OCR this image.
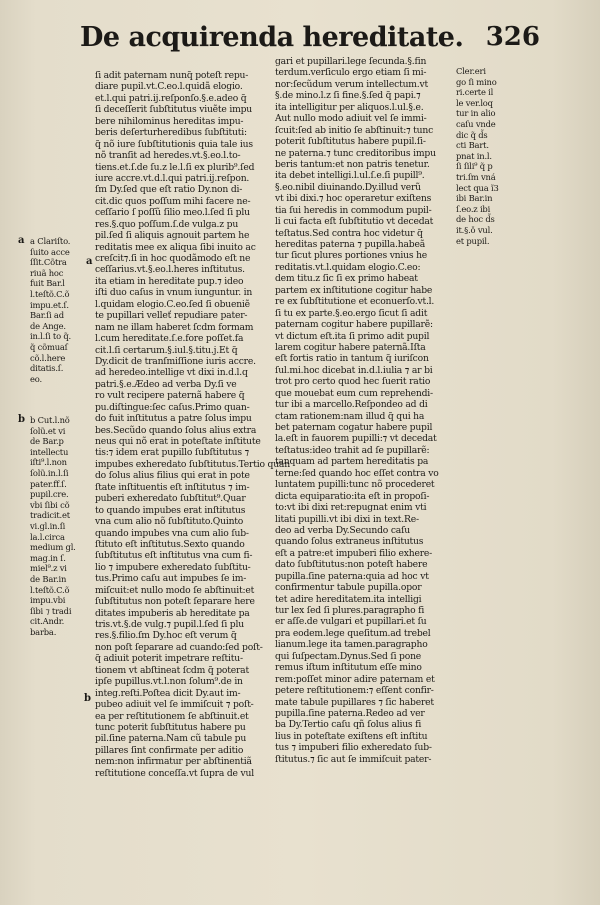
De acquirenda hereditate. 326
a Clariſto.
ſuito acce
ſſit.Cõtra
riuã hoc
fuit Bar.l
l.teſtõ.C.õ
impu.et.ſ.
Bar.ſi ad
de Ange.
in.l.ſi to q̃.
q̃ cõmuaſ
cõ.l.here
ditatis.ſ.
eo.
b Cut.l.nõ
ſolũ.et vi
de Bar.p
intellectu
iſti⁹.l.non
ſolũ.in.l.ſi
pater.ff.ſ.
pupil.cre.
vbi ſibi cõ
tradicit.et
vi.gl.in.ſi
la.l.circa
medium gl.
mag.in ſ.
miel⁹.z vi
de Bar.in
l.teſtõ.C.õ
impu.vbi
ſibi ⁊ tradi
cit.Andr.
barba.
a
b
a
b
ſi adit paternam nunq̃ poteſt repu-
diare pupil.vt.C.eo.l.quidã elogio.
et.l.qui patri.ij.reſponſo.§.e.adeo q̃
ſi deceſſerit ſubſtitutus viuẽte impu
bere nihilominus hereditas impu-
beris deſerturheredibus ſubſtituti:
q̃ nõ iure ſubſtitutionis quia tale ius
nõ tranſit ad heredes.vt.§.eo.l.to-
tiens.et.ſ.de ſu.z le.l.ſi ex plurib⁹.ſed
iure accre.vt.d.l.qui patri.ij.reſpon.
ſm Dy.ſed que eſt ratio Dy.non di-
cit.dic quos poſſum mihi facere ne-
ceſſario ſ poſſũ ſilio meo.l.ſed ſi plu
res.§.quo poſſum.ſ.de vulga.z pu
pil.ſed ſi aliquis agnouit partem he
reditatis mee ex aliqua ſibi inuito ac
creſcit⁊.ſi in hoc quodãmodo eſt ne
ceſſarius.vt.§.eo.l.heres inſtitutus.
ita etiam in hereditate pup.⁊ ideo
iſti duo caſus in vnum iunguntur. in
l.quidam elogio.C.eo.ſed ſi obueniẽ
te pupillari velleť repudiare pater-
nam ne illam haberet ſcdm formam
l.cum hereditate.ſ.e.fore poſſet.fa
cit.l.ſi certarum.§.iul.§.titu.j.Et q̃
Dy.dicit de tranſmiſſione iuris accre.
ad heredeo.intellige vt dixi in.d.l.q
patri.§.e.Ædeo ad verba Dy.ſi ve
ro vult recipere paternã habere q̃
pu.diſtingue:ſec caſus.Primo quan-
do fuit inſtitutus a patre ſolus impu
bes.Secũdo quando ſolus alius extra
neus qui nõ erat in poteſtate inſtitute
tis:⁊ idem erat pupillo ſubſtitutus ⁊
impubes exheredato ſubſtitutus.Tertio quan
do ſolus alius filius qui erat in pote
ſtate inſtituentis eſt inſtitutus ⁊ im-
puberi exheredato ſubſtitut⁹.Quar
to quando impubes erat inſtitutus
vna cum alio nõ ſubſtituto.Quinto
quando impubes vna cum alio ſub-
ſtituto eſt inſtitutus.Sexto quando
ſubſtitutus eſt inſtitutus vna cum fi-
lio ⁊ impubere exheredato ſubſtitu-
tus.Primo caſu aut impubes ſe im-
miſcuit:et nullo modo ſe abſtinuit:et
ſubſtitutus non poteſt ſeparare here
ditates impuberis ab hereditate pa
tris.vt.§.de vulg.⁊ pupil.l.ſed ſi plu
res.§.filio.ſm Dy.hoc eſt verum q̃
non poſt ſeparare ad cuando:ſed poſt-
q̃ adiuit poterit impetrare reſtitu-
tionem vt abſtineat ſcdm q̃ poterat
ipſe pupillus.vt.l.non ſolum⁹.de in
integ.reſti.Poſtea dicit Dy.aut im-
pubeo adiuit vel ſe immiſcuit ⁊ poſt-
ea per reſtitutionem ſe abſtinuit.et
tunc poterit ſubſtitutus habere pu
pil.ſine paterna.Nam cũ tabule pu
pillares ſint confirmate per aditio
nem:non infirmatur per abſtinentiã
reſtitutione conceſſa.vt ſupra de vul
gari et pupillari.lege ſecunda.§.fin
terdum.verſiculo ergo etiam ſi mi-
nor:ſecũdum verum intellectum.vt
§.de mino.l.z ſi fine.§.ſed q̃ papi.⁊
ita intelligitur per aliquos.l.ul.§.e.
Aut nullo modo adiuit vel ſe immi-
ſcuit:ſed ab initio ſe abſtinuit:⁊ tunc
poterit ſubſtitutus habere pupil.ſi-
ne paterna.⁊ tunc creditoribus impu
beris tantum:et non patris tenetur.
ita debet intelligi.l.ul.ſ.e.ſi pupill⁹.
§.eo.nibil diuinando.Dy.illud verũ
vt ibi dixi.⁊ hoc operaretur exiſtens
tia ſui heredis in commodum pupil-
li cui facta eſt ſubſtitutio vt decedat
teſtatus.Sed contra hoc videtur q̃
hereditas paterna ⁊ pupilla.habeã
tur ſicut plures portiones vnius he
reditatis.vt.l.quidam elogio.C.eo:
dem titu.z ſic ſi ex primo habeat
partem ex inſtitutione cogitur habe
re ex ſubſtitutione et econuerſo.vt.l.
ſi tu ex parte.§.eo.ergo ſicut ſi adit
paternam cogitur habere pupillarẽ:
vt dictum eſt.ita ſi primo adit pupil
larem cogitur habere paternã.Iſta
eſt fortis ratio in tantum q̃ iuriſcon
ſul.mi.hoc dicebat in.d.l.iulia ⁊ ar bi
trot pro certo quod hec ſuerit ratio
que mouebat eum cum reprehendi-
tur ibi a marcello.Reſpondeo ad di
ctam rationem:nam illud q̃ qui ha
bet paternam cogatur habere pupil
la.eſt in fauorem pupilli:⁊ vt decedat
teſtatus:ideo trahit ad ſe pupillarẽ:
tanquam ad partem hereditatis pa
terne:ſed quando hoc eſſet contra vo
luntatem pupilli:tunc nõ procederet
dicta equiparatio:ita eſt in propoſi-
to:vt ibi dixi ret:repugnat enim vti
litati pupilli.vt ibi dixi in text.Re-
deo ad verba Dy.Secundo caſu
quando ſolus extraneus inſtitutus
eſt a patre:et impuberi filio exhere-
dato ſubſtitutus:non poteſt habere
pupilla.ſine paterna:quia ad hoc vt
confirmentur tabule pupilla.opor
tet adire hereditatem.ita intelligi
tur lex ſed ſi plures.paragrapho fi
er aſſe.de vulgari et pupillari.et ſu
pra eodem.lege queſitum.ad trebel
lianum.lege ita tamen.paragrapho
qui ſuſpectam.Dynus.Sed ſi pone
remus iſtum inſtitutum eſſe mino
rem:poſſet minor adire paternam et
petere reſtitutionem:⁊ eſſent confir-
mate tabule pupillares ⁊ ſic haberet
pupilla.ſine paterna.Redeo ad ver
ba Dy.Tertio caſu qñ ſolus alius fi
lius in poteſtate exiſtens eſt inſtitu
tus ⁊ impuberi filio exheredato ſub-
ſtitutus.⁊ ſic aut ſe immiſcuit pater-
Cler.eri
go ſi mino
ri.certe il
le ver.loq
tur in alio
caſu vnde
dic q̃ d̃s
cti Bart.
pnat in.l.
ſi ſili⁹ q̃ p
tri.ſm vná
lect qua ĩ3
ibi Bar.in
ſ.eo.z ibi
de hoc d̃s
it.§.ǒ vul.
et pupil.
